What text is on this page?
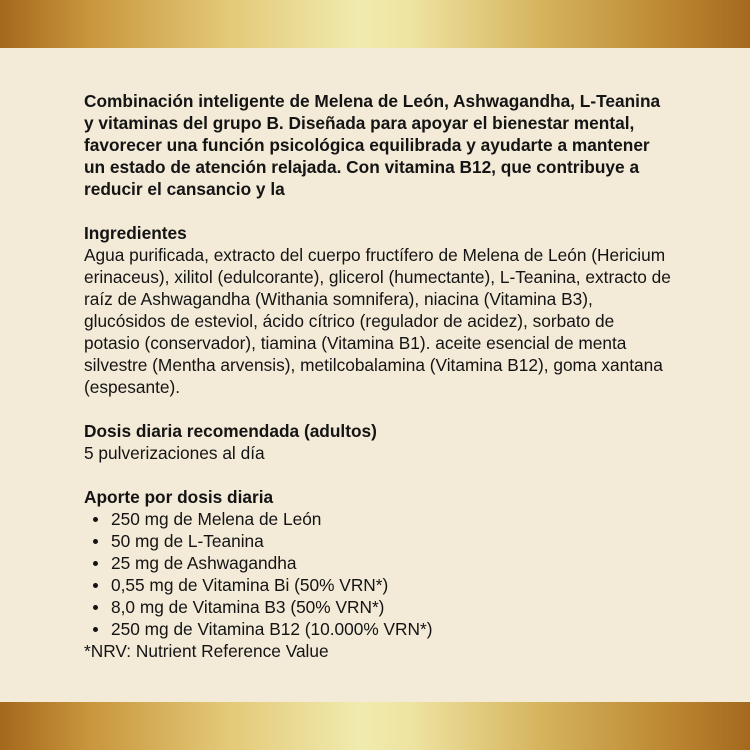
Combinación inteligente de Melena de León, Ashwagandha, L-Teanina y vitaminas del grupo B. Diseñada para apoyar el bienestar mental, favorecer una función psicológica equilibrada y ayudarte a mantener un estado de atención relajada. Con vitamina B12, que contribuye a reducir el cansancio y la

Ingredientes

Agua purificada, extracto del cuerpo fructífero de Melena de León (Hericium erinaceus), xilitol (edulcorante), glicerol (humectante), L-Teanina, extracto de raíz de Ashwagandha (Withania somnifera), niacina (Vitamina B3), glucósidos de esteviol, ácido cítrico (regulador de acidez), sorbato de potasio (conservador), tiamina (Vitamina B1). aceite esencial de menta silvestre (Mentha arvensis), metilcobalamina (Vitamina B12), goma xantana (espesante).

Dosis diaria recomendada (adultos)

5 pulverizaciones al día

Aporte por dosis diaria

250 mg de Melena de León
50 mg de L-Teanina
25 mg de Ashwagandha
0,55 mg de Vitamina Bi (50% VRN*)
8,0 mg de Vitamina B3 (50% VRN*)
250 mg de Vitamina B12 (10.000% VRN*)

*NRV: Nutrient Reference Value
